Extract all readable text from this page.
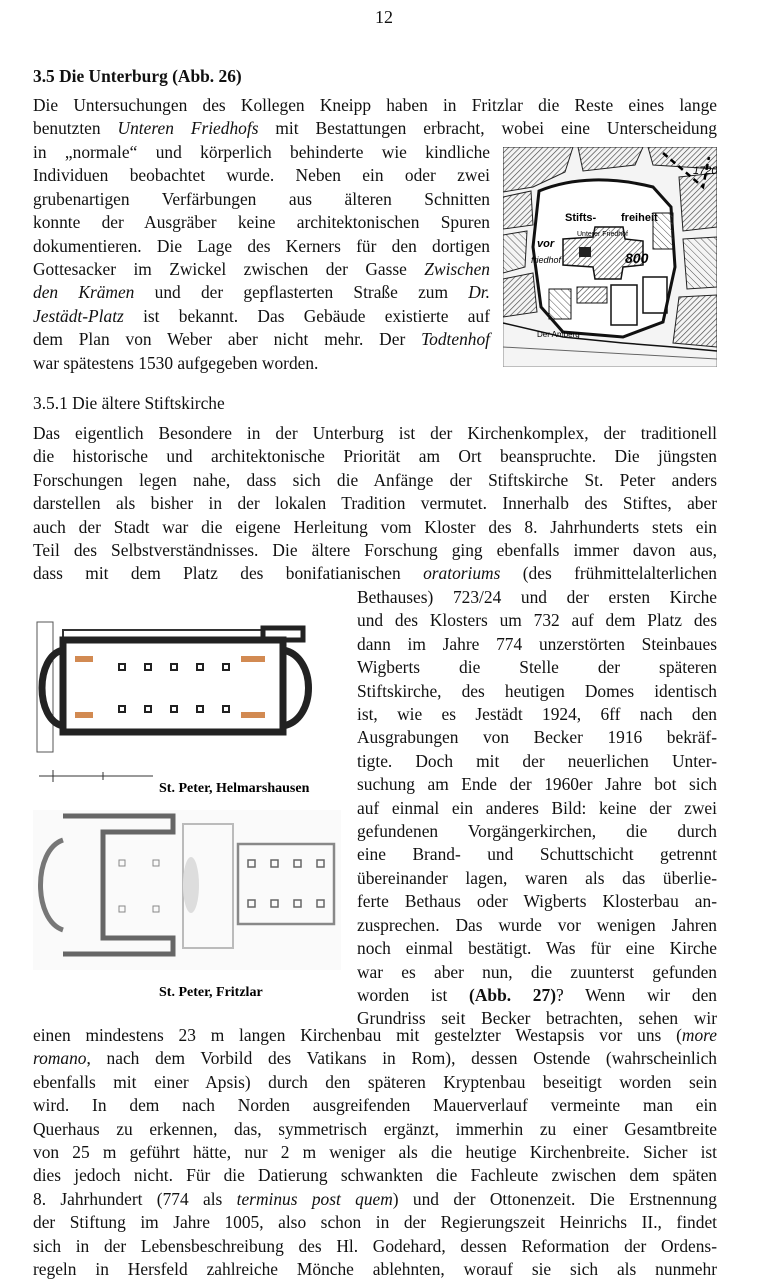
12
3.5 Die Unterburg (Abb. 26)
Die Untersuchungen des Kollegen Kneipp haben in Fritzlar die Reste eines lange
benutzten Unteren Friedhofs mit Bestattungen erbracht, wobei eine Unterscheidung
in „normale“ und körperlich behinderte wie kindliche
Individuen beobachtet wurde. Neben ein oder zwei
grubenartigen Verfärbungen aus älteren Schnitten
konnte der Ausgräber keine architektonischen Spuren
dokumentieren. Die Lage des Kerners für den dortigen
Gottesacker im Zwickel zwischen der Gasse Zwischen
den Krämen und der gepflasterten Straße zum Dr.
Jestädt-Platz ist bekannt. Das Gebäude existierte auf
dem Plan von Weber aber nicht mehr. Der Todtenhof
war spätestens 1530 aufgegeben worden.
1720
Stifts- freiheit
Unterer Friedhof
vor
friedhof	800
Der Amberg
3.5.1 Die ältere Stiftskirche
Das eigentlich Besondere in der Unterburg ist der Kirchenkomplex, der traditionell
die historische und architektonische Priorität am Ort beanspruchte. Die jüngsten
Forschungen legen nahe, dass sich die Anfänge der Stiftskirche St. Peter anders
darstellen als bisher in der lokalen Tradition vermutet. Innerhalb des Stiftes, aber
auch der Stadt war die eigene Herleitung vom Kloster des 8. Jahrhunderts stets ein
Teil des Selbstverständnisses. Die ältere Forschung ging ebenfalls immer davon aus,
dass mit dem Platz des bonifatianischen oratoriums (des frühmittelalterlichen
Bethauses) 723/24 und der ersten Kirche
und des Klosters um 732 auf dem Platz des
dann im Jahre 774 unzerstörten Steinbaues
Wigberts die Stelle der späteren
Stiftskirche, des heutigen Domes identisch
ist, wie es Jestädt 1924, 6ff nach den
Ausgrabungen von Becker 1916 bekräf-
tigte. Doch mit der neuerlichen Unter-
suchung am Ende der 1960er Jahre bot sich
auf einmal ein anderes Bild: keine der zwei
gefundenen Vorgängerkirchen, die durch
eine Brand- und Schuttschicht getrennt
übereinander lagen, waren als das überlie-
ferte Bethaus oder Wigberts Klosterbau an-
zusprechen. Das wurde vor wenigen Jahren
noch einmal bestätigt. Was für eine Kirche
war es aber nun, die zuunterst gefunden
worden ist (Abb. 27)? Wenn wir den
Grundriss seit Becker betrachten, sehen wir
St. Peter, Helmarshausen
St. Peter, Fritzlar
einen mindestens 23 m langen Kirchenbau mit gestelzter Westapsis vor uns (more
romano, nach dem Vorbild des Vatikans in Rom), dessen Ostende (wahrscheinlich
ebenfalls mit einer Apsis) durch den späteren Kryptenbau beseitigt worden sein
wird. In dem nach Norden ausgreifenden Mauerverlauf vermeinte man ein
Querhaus zu erkennen, das, symmetrisch ergänzt, immerhin zu einer Gesamtbreite
von 25 m geführt hätte, nur 2 m weniger als die heutige Kirchenbreite. Sicher ist
dies jedoch nicht. Für die Datierung schwankten die Fachleute zwischen dem späten
8. Jahrhundert (774 als terminus post quem) und der Ottonenzeit. Die Erstnennung
der Stiftung im Jahre 1005, also schon in der Regierungszeit Heinrichs II., findet
sich in der Lebensbeschreibung des Hl. Godehard, dessen Reformation der Ordens-
regeln in Hersfeld zahlreiche Mönche ablehnten, worauf sie sich als nunmehr
